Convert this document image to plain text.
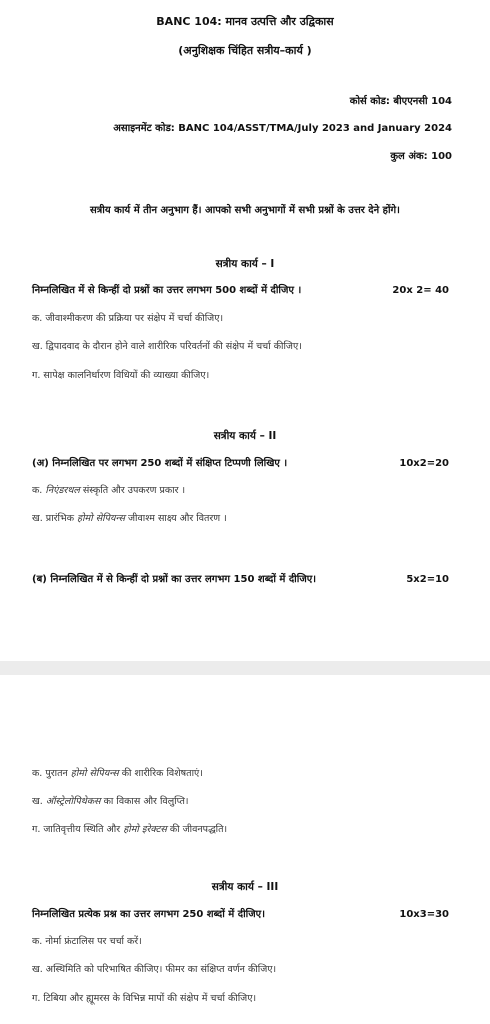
BANC 104: मानव उत्पत्ति और उद्विकास
(अनुशिक्षक चिंहित सत्रीय–कार्य )
कोर्स कोड: बीएएनसी 104
असाइनमेंट कोड: BANC 104/ASST/TMA/July 2023 and January 2024
कुल अंक: 100
सत्रीय कार्य में तीन अनुभाग हैं। आपको सभी अनुभागों में सभी प्रश्नों के उत्तर देने होंगे।
सत्रीय कार्य – I
निम्नलिखित में से किन्हीं दो प्रश्नों का उत्तर लगभग 500 शब्दों में दीजिए ।	20x 2= 40
क. जीवाश्मीकरण की प्रक्रिया पर संक्षेप में चर्चा कीजिए।
ख. द्विपादवाद के दौरान होने वाले शारीरिक परिवर्तनों की संक्षेप में चर्चा कीजिए।
ग. सापेक्ष कालनिर्धारण विधियों की व्याख्या कीजिए।
सत्रीय कार्य – II
(अ) निम्नलिखित पर लगभग 250 शब्दों में संक्षिप्त टिप्पणी लिखिए ।	10x2=20
क. निएंडरथल संस्कृति और उपकरण प्रकार ।
ख. प्रारंभिक होमो सेपियन्स जीवाश्म साक्ष्य और वितरण ।
(ब) निम्नलिखित में से किन्हीं दो प्रश्नों का उत्तर लगभग 150 शब्दों में दीजिए।	5x2=10
क. पुरातन होमो सेपियन्स की शारीरिक विशेषताएं।
ख. ऑस्ट्रेलोपिथेकस का विकास और विलुप्ति।
ग. जातिवृत्तीय स्थिति और होमो इरेक्टस की जीवनपद्धति।
सत्रीय कार्य – III
निम्नलिखित प्रत्येक प्रश्न का उत्तर लगभग 250 शब्दों में दीजिए।	10x3=30
क. नोर्मा फ्रंटालिस पर चर्चा करें।
ख. अस्थिमिति को परिभाषित कीजिए। फीमर का संक्षिप्त वर्णन कीजिए।
ग. टिबिया और ह्यूमरस के विभिन्न मापों की संक्षेप में चर्चा कीजिए।
